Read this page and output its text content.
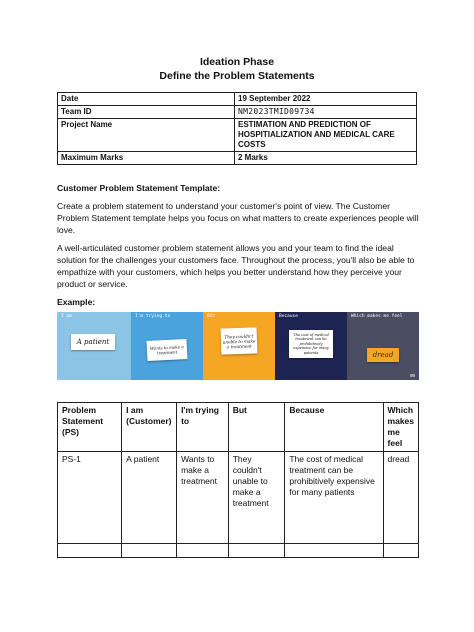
Ideation Phase
Define the Problem Statements
Date	19 September 2022
Team ID	NM2023TMID09734
Project Name	ESTIMATION AND PREDICTION OF HOSPITIALIZATION AND MEDICAL CARE COSTS
Maximum Marks	2 Marks
Customer Problem Statement Template:
Create a problem statement to understand your customer's point of view. The Customer Problem Statement template helps you focus on what matters to create experiences people will love.
A well-articulated customer problem statement allows you and your team to find the ideal solution for the challenges your customers face. Throughout the process, you'll also be able to empathize with your customers, which helps you better understand how they perceive your product or service.
Example:
I am
A patient
I'm trying to
Wants to make a treatment
But
They couldn't unable to make a treatment
Because
The cost of medical treatment can be prohibitively expensive for many patients
Which makes me feel
dread
Problem Statement (PS)	I am (Customer)	I'm trying to	But	Because	Which makes me feel
PS-1	A patient	Wants to make a treatment	They couldn't unable to make a treatment	The cost of medical treatment can be prohibitively expensive for many patients	dread
